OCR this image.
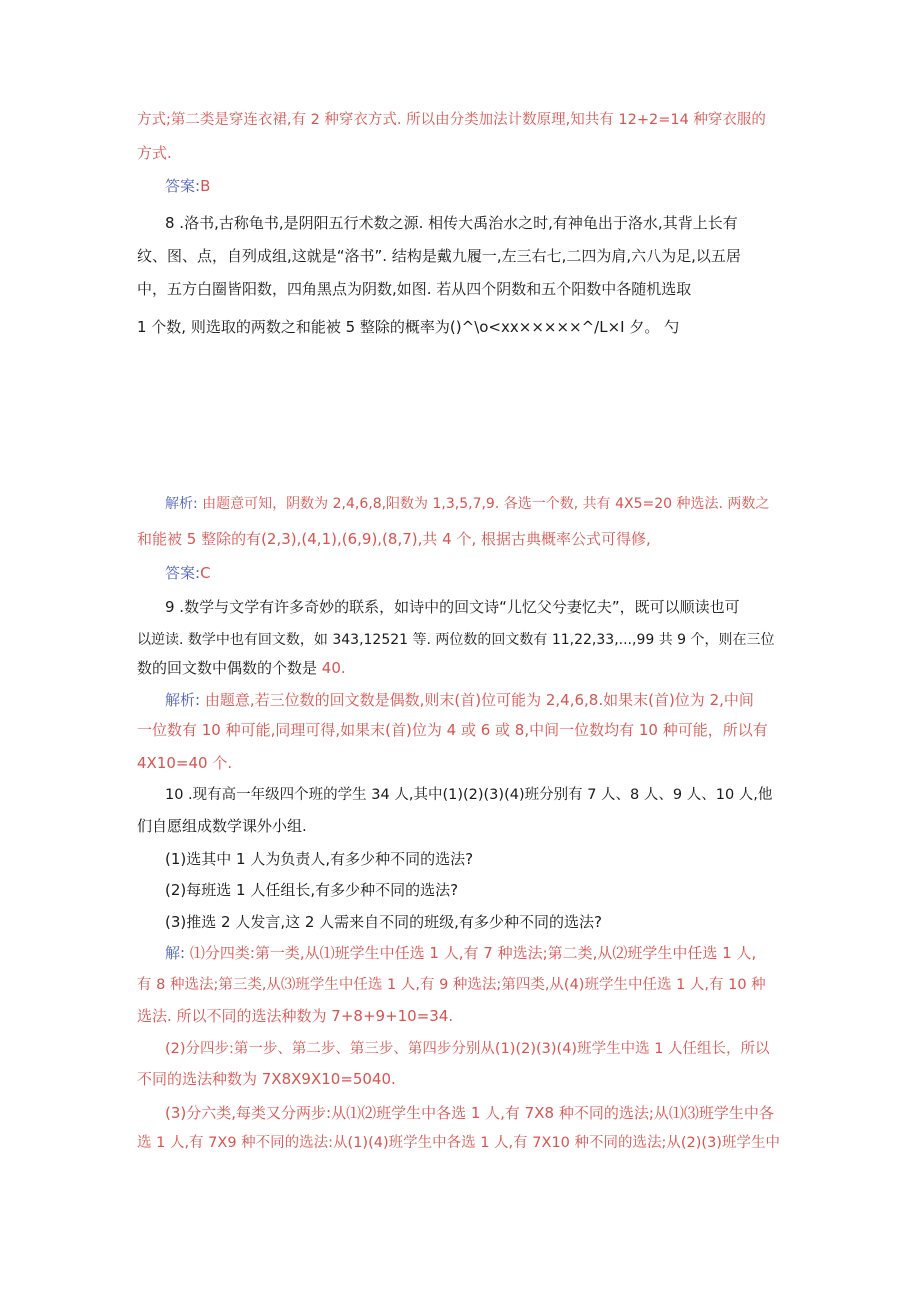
方式;第二类是穿连衣裙,有 2 种穿衣方式. 所以由分类加法计数原理,知共有 12+2=14 种穿衣服的
方式.
答案:B
8 .洛书,古称龟书,是阴阳五行术数之源. 相传大禹治水之时,有神龟出于洛水,其背上长有
纹、图、点，自列成组,这就是“洛书”. 结构是戴九履一,左三右七,二四为肩,六八为足,以五居
中，五方白圈皆阳数，四角黑点为阴数,如图. 若从四个阴数和五个阳数中各随机选取
1 个数, 则选取的两数之和能被 5 整除的概率为()^\o<xx×××××^/L×I 夕。 勺
解析: 由题意可知，阴数为 2,4,6,8,阳数为 1,3,5,7,9. 各选一个数, 共有 4X5=20 种选法. 两数之
和能被 5 整除的有(2,3),(4,1),(6,9),(8,7),共 4 个, 根据古典概率公式可得修,
答案:C
9 .数学与文学有许多奇妙的联系，如诗中的回文诗“儿忆父兮妻忆夫”，既可以顺读也可
以逆读. 数学中也有回文数，如 343,12521 等. 两位数的回文数有 11,22,33,...,99 共 9 个，则在三位
数的回文数中偶数的个数是 40.
解析: 由题意,若三位数的回文数是偶数,则末(首)位可能为 2,4,6,8.如果末(首)位为 2,中间
一位数有 10 种可能,同理可得,如果末(首)位为 4 或 6 或 8,中间一位数均有 10 种可能，所以有
4X10=40 个.
10 .现有高一年级四个班的学生 34 人,其中(1)(2)(3)(4)班分别有 7 人、8 人、9 人、10 人,他
们自愿组成数学课外小组.
(1)选其中 1 人为负责人,有多少种不同的选法?
(2)每班选 1 人任组长,有多少种不同的选法?
(3)推选 2 人发言,这 2 人需来自不同的班级,有多少种不同的选法?
解: ⑴分四类:第一类,从⑴班学生中任选 1 人,有 7 种选法;第二类,从⑵班学生中任选 1 人,
有 8 种选法;第三类,从⑶班学生中任选 1 人,有 9 种选法;第四类,从(4)班学生中任选 1 人,有 10 种
选法. 所以不同的选法种数为 7+8+9+10=34.
(2)分四步:第一步、第二步、第三步、第四步分别从(1)(2)(3)(4)班学生中选 1 人任组长，所以
不同的选法种数为 7X8X9X10=5040.
(3)分六类,每类又分两步:从⑴⑵班学生中各选 1 人,有 7X8 种不同的选法;从⑴⑶班学生中各
选 1 人,有 7X9 种不同的选法:从(1)(4)班学生中各选 1 人,有 7X10 种不同的选法;从(2)(3)班学生中
